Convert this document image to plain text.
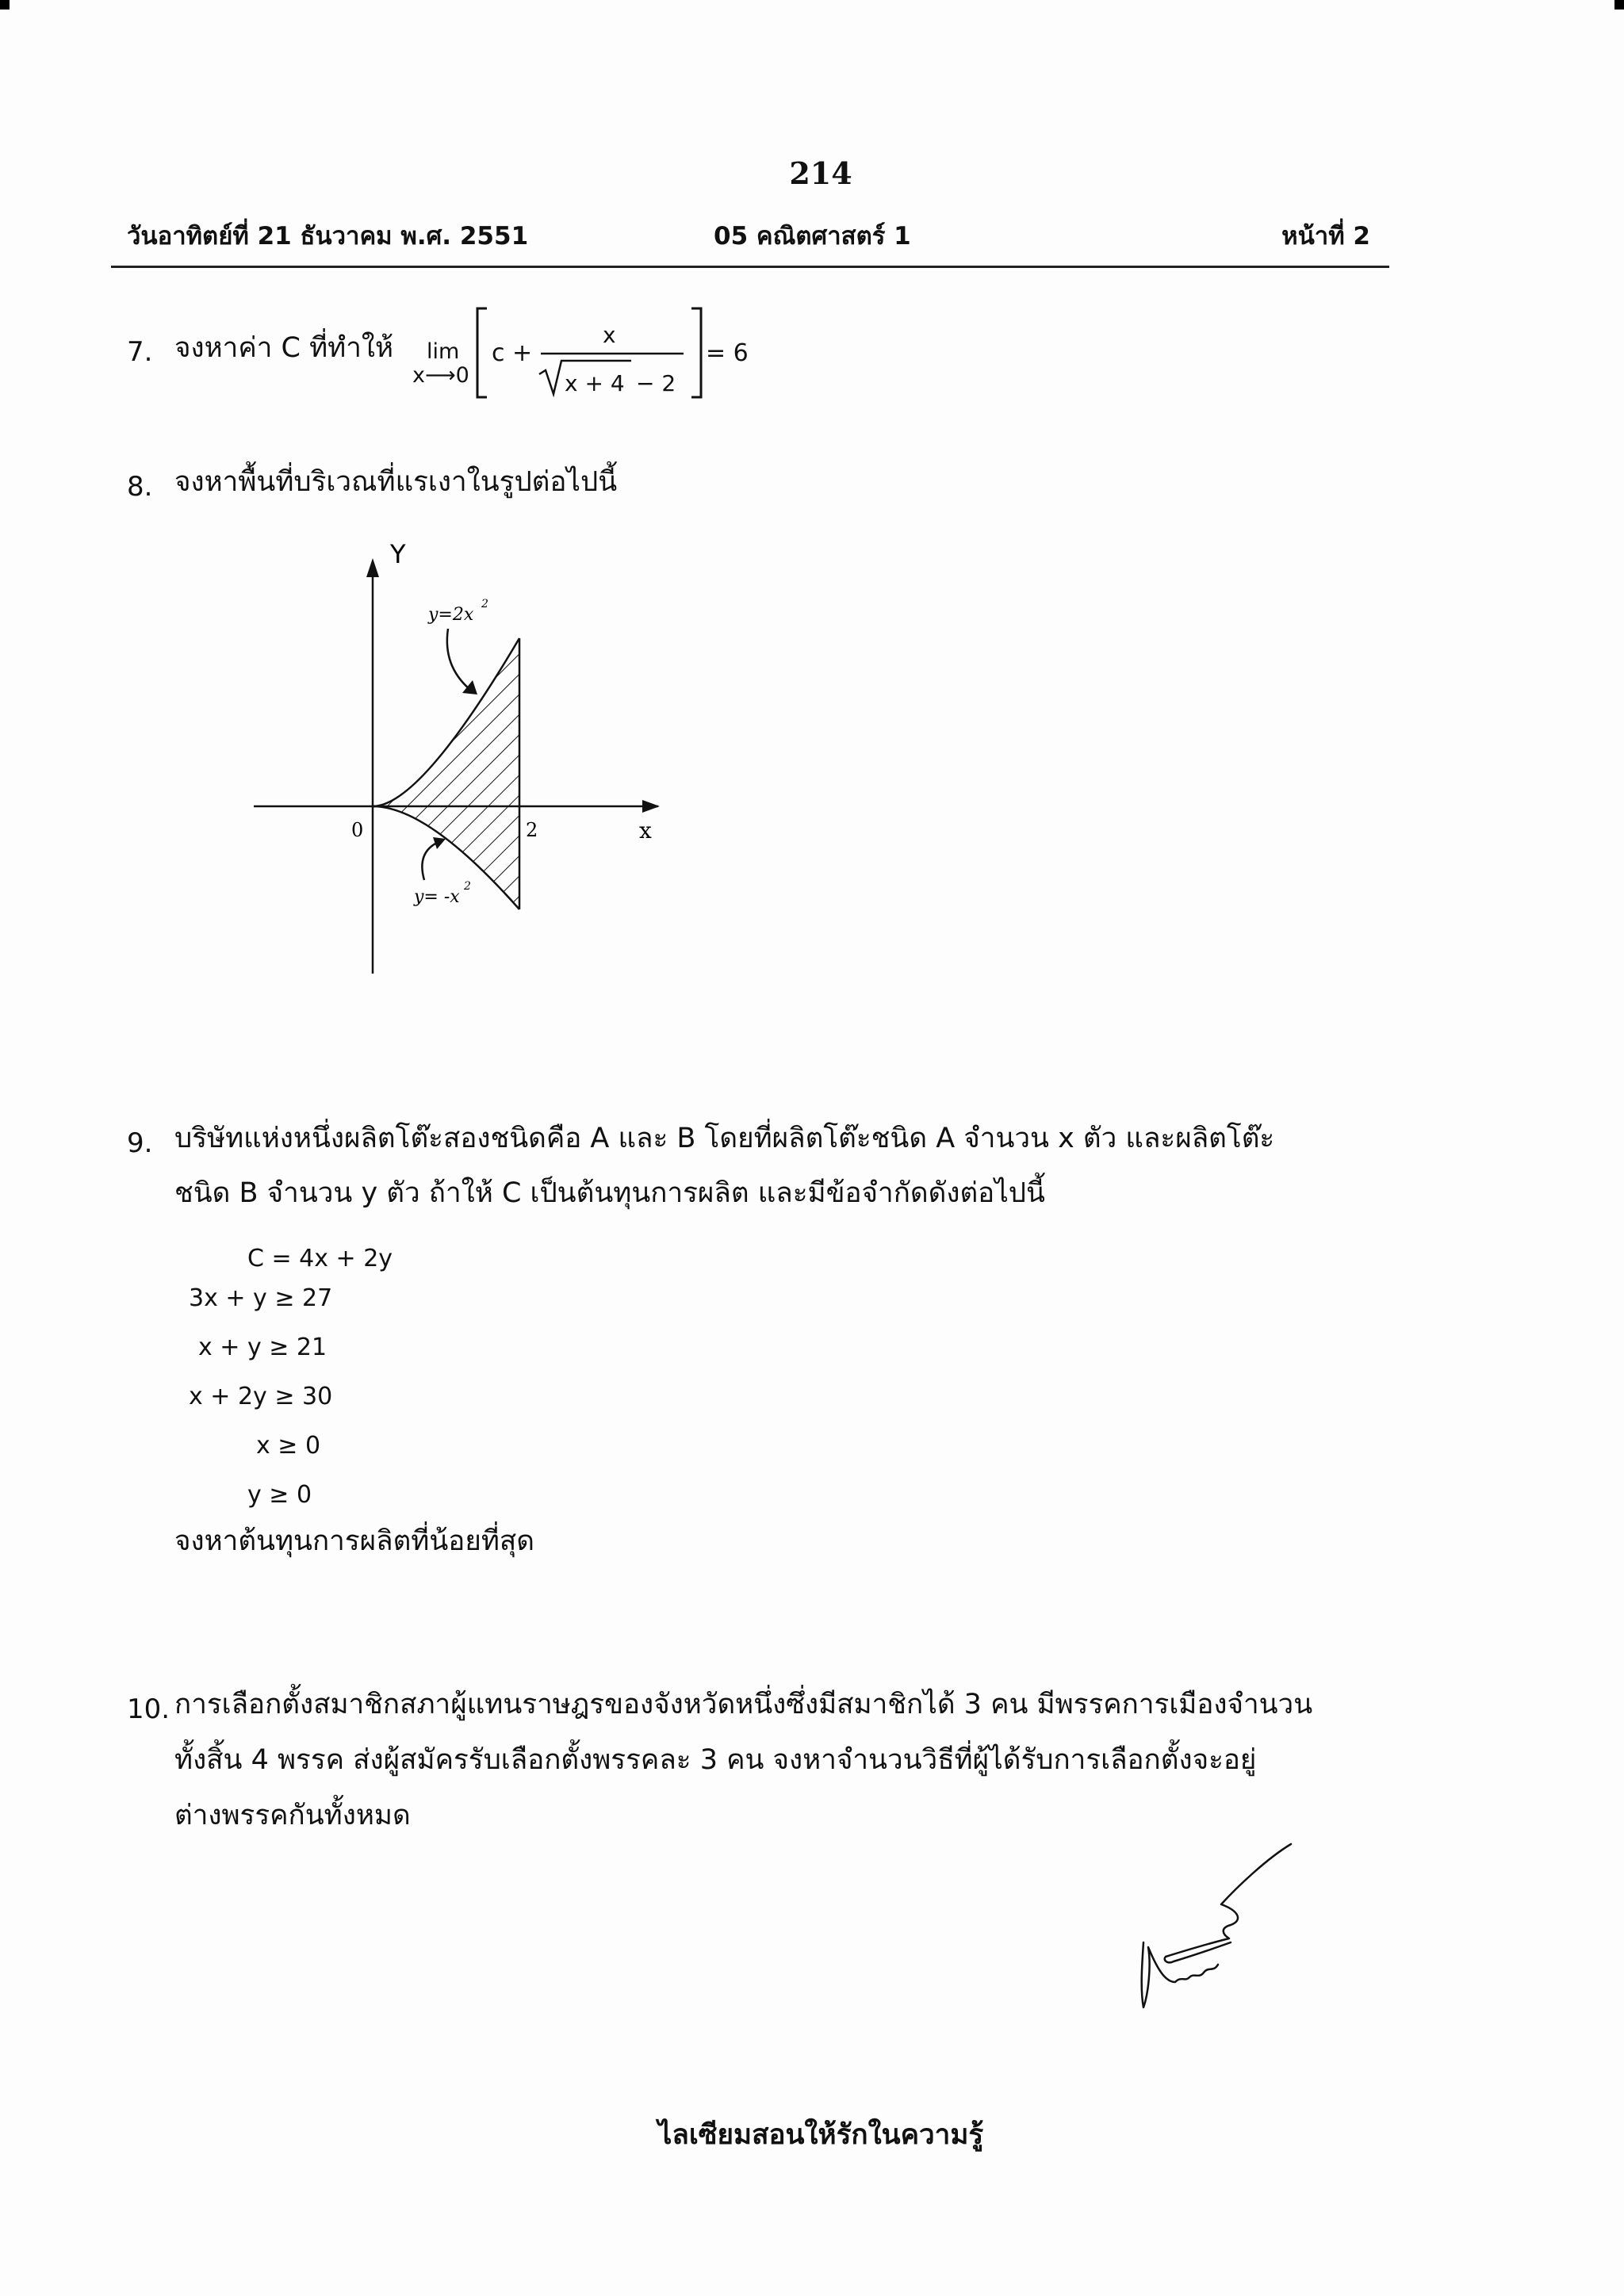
214
วันอาทิตย์ที่ 21 ธันวาคม พ.ศ. 2551	05 คณิตศาสตร์ 1	หน้าที่ 2
7. จงหาค่า C ที่ทำให้ lim
x⟶0
c +
x
x + 4 − 2
= 6
8. จงหาพื้นที่บริเวณที่แรเงาในรูปต่อไปนี้
Y
x
0	2
y=2x
2
y= -x
2
9. บริษัทแห่งหนึ่งผลิตโต๊ะสองชนิดคือ A และ B โดยที่ผลิตโต๊ะชนิด A จำนวน x ตัว และผลิตโต๊ะ
ชนิด B จำนวน y ตัว ถ้าให้ C เป็นต้นทุนการผลิต และมีข้อจำกัดดังต่อไปนี้
C = 4x + 2y
3x + y ≥ 27
x + y ≥ 21
x + 2y ≥ 30
x ≥ 0
y ≥ 0
จงหาต้นทุนการผลิตที่น้อยที่สุด
10. การเลือกตั้งสมาชิกสภาผู้แทนราษฎรของจังหวัดหนึ่งซึ่งมีสมาชิกได้ 3 คน มีพรรคการเมืองจำนวน
ทั้งสิ้น 4 พรรค ส่งผู้สมัครรับเลือกตั้งพรรคละ 3 คน จงหาจำนวนวิธีที่ผู้ได้รับการเลือกตั้งจะอยู่
ต่างพรรคกันทั้งหมด
ไลเซียมสอนให้รักในความรู้
